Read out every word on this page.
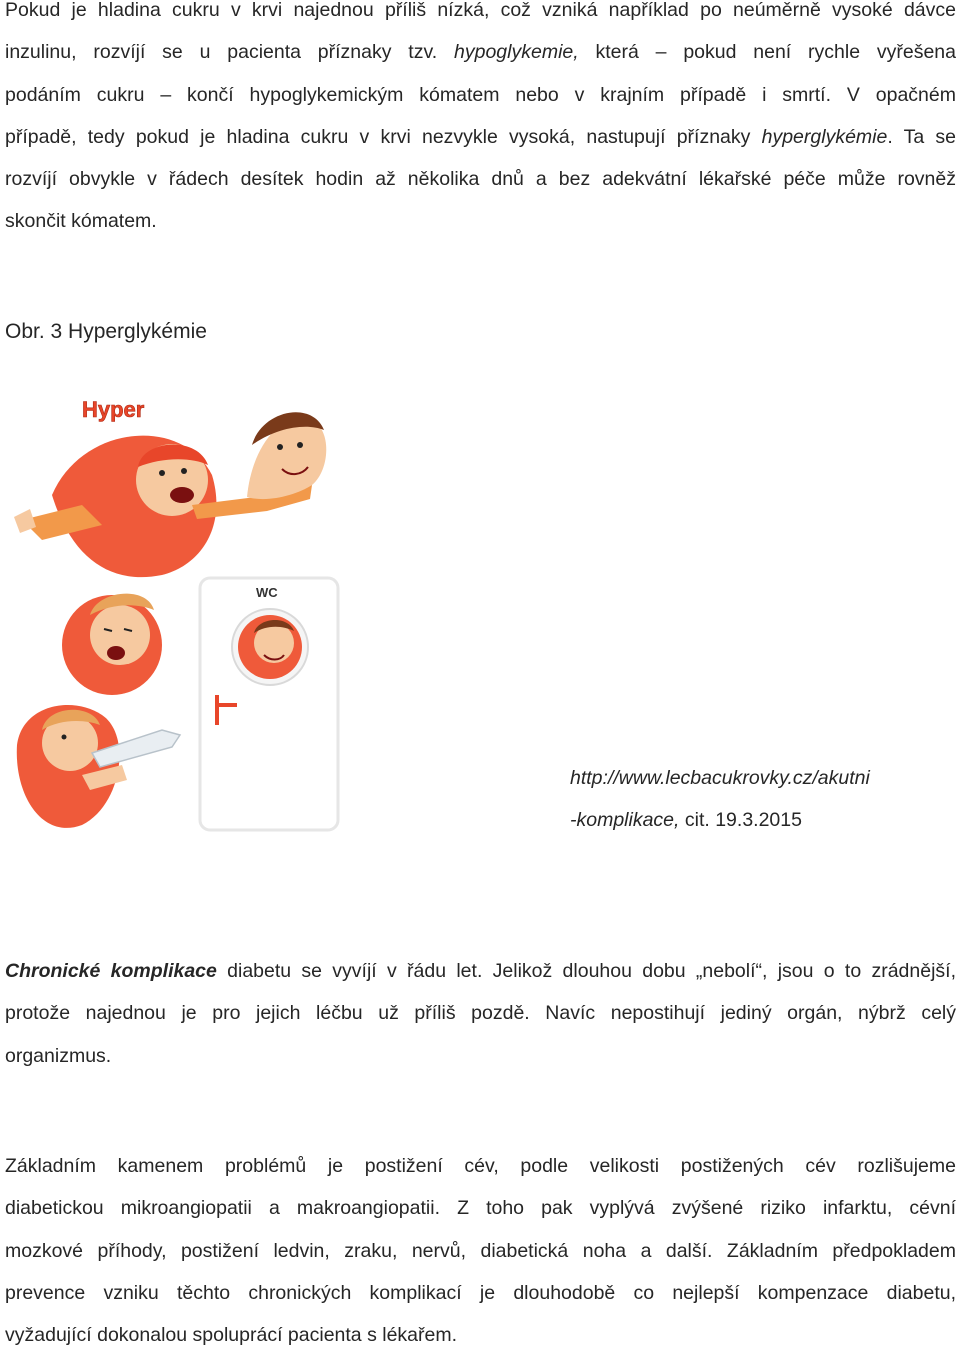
Pokud je hladina cukru v krvi najednou příliš nízká, což vzniká například po neúměrně vysoké dávce
inzulinu, rozvíjí se u pacienta příznaky tzv. hypoglykemie, která – pokud není rychle vyřešena
podáním cukru – končí hypoglykemickým kómatem nebo v krajním případě i smrtí. V opačném
případě, tedy pokud je hladina cukru v krvi nezvykle vysoká, nastupují příznaky hyperglykémie. Ta se
rozvíjí obvykle v řádech desítek hodin až několika dnů a bez adekvátní lékařské péče může rovněž
skončit kómatem.

Obr. 3 Hyperglykémie

Hyper
WC
http://www.lecbacukrovky.cz/akutni
-komplikace, cit. 19.3.2015

Chronické komplikace diabetu se vyvíjí v řádu let. Jelikož dlouhou dobu „nebolí“, jsou o to zrádnější,
protože najednou je pro jejich léčbu už příliš pozdě. Navíc nepostihují jediný orgán, nýbrž celý
organizmus.

Základním kamenem problémů je postižení cév, podle velikosti postižených cév rozlišujeme
diabetickou mikroangiopatii a makroangiopatii. Z toho pak vyplývá zvýšené riziko infarktu, cévní
mozkové příhody, postižení ledvin, zraku, nervů, diabetická noha a další. Základním předpokladem
prevence vzniku těchto chronických komplikací je dlouhodobě co nejlepší kompenzace diabetu,
vyžadující dokonalou spoluprácí pacienta s lékařem.
